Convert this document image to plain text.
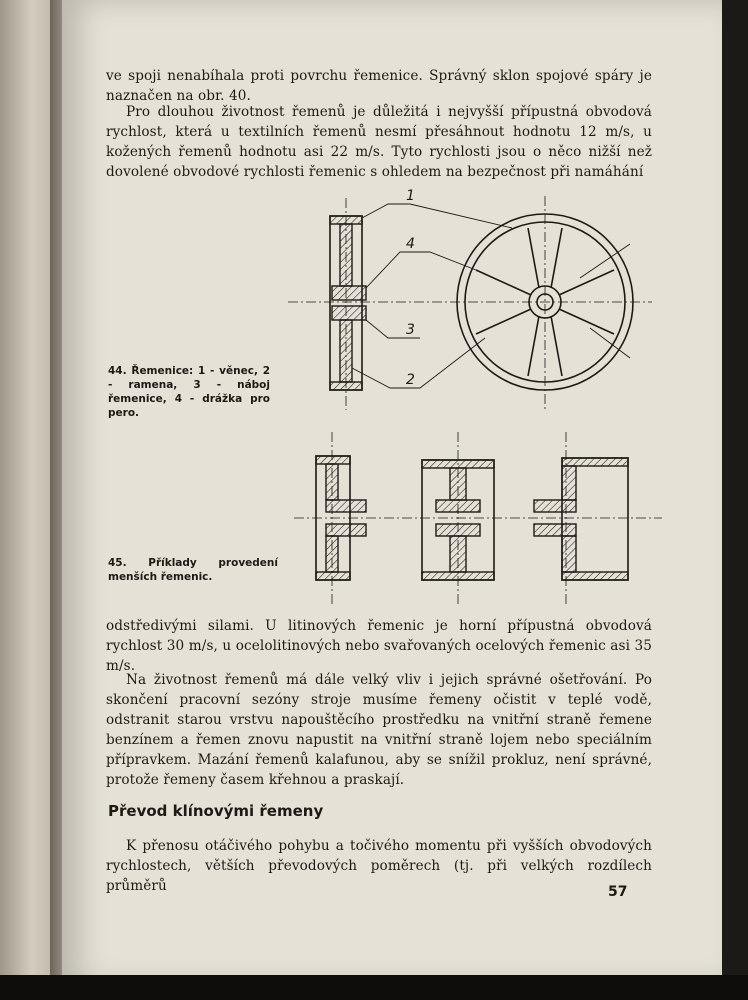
ve spoji nenabíhala proti povrchu řemenice. Správný sklon spojové spáry je naznačen na obr. 40.

Pro dlouhou životnost řemenů je důležitá i nejvyšší přípustná obvodová rychlost, která u textilních řemenů nesmí přesáhnout hodnotu 12 m/s, u kožených řemenů hodnotu asi 22 m/s. Tyto rychlosti jsou o něco nižší než dovolené obvodové rychlosti řemenic s ohledem na bezpečnost při namáhání

1
4
3
2

44. Řemenice: 1 - věnec, 2 - ramena, 3 - náboj řemenice, 4 - drážka pro pero.

45. Příklady provedení menších řemenic.

odstředivými silami. U litinových řemenic je horní přípustná obvodová rychlost 30 m/s, u ocelolitinových nebo svařovaných ocelových řemenic asi 35 m/s.

Na životnost řemenů má dále velký vliv i jejich správné ošetřování. Po skončení pracovní sezóny stroje musíme řemeny očistit v teplé vodě, odstranit starou vrstvu napouštěcího prostředku na vnitřní straně řemene benzínem a řemen znovu napustit na vnitřní straně lojem nebo speciálním přípravkem. Mazání řemenů kalafunou, aby se snížil prokluz, není správné, protože řemeny časem křehnou a praskají.

Převod klínovými řemeny

K přenosu otáčivého pohybu a točivého momentu při vyšších obvodových rychlostech, větších převodových poměrech (tj. při velkých rozdílech průměrů	57
